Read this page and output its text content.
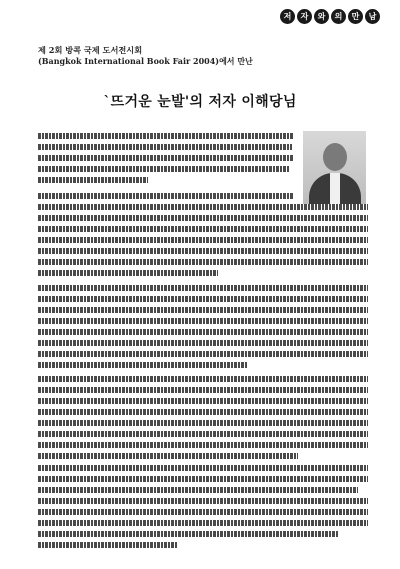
저	자	와	의	만	남
제 2회 방콕 국제 도서전시회
(Bangkok International Book Fair 2004)에서 만난
`뜨거운 눈발'의 저자 이해당님
